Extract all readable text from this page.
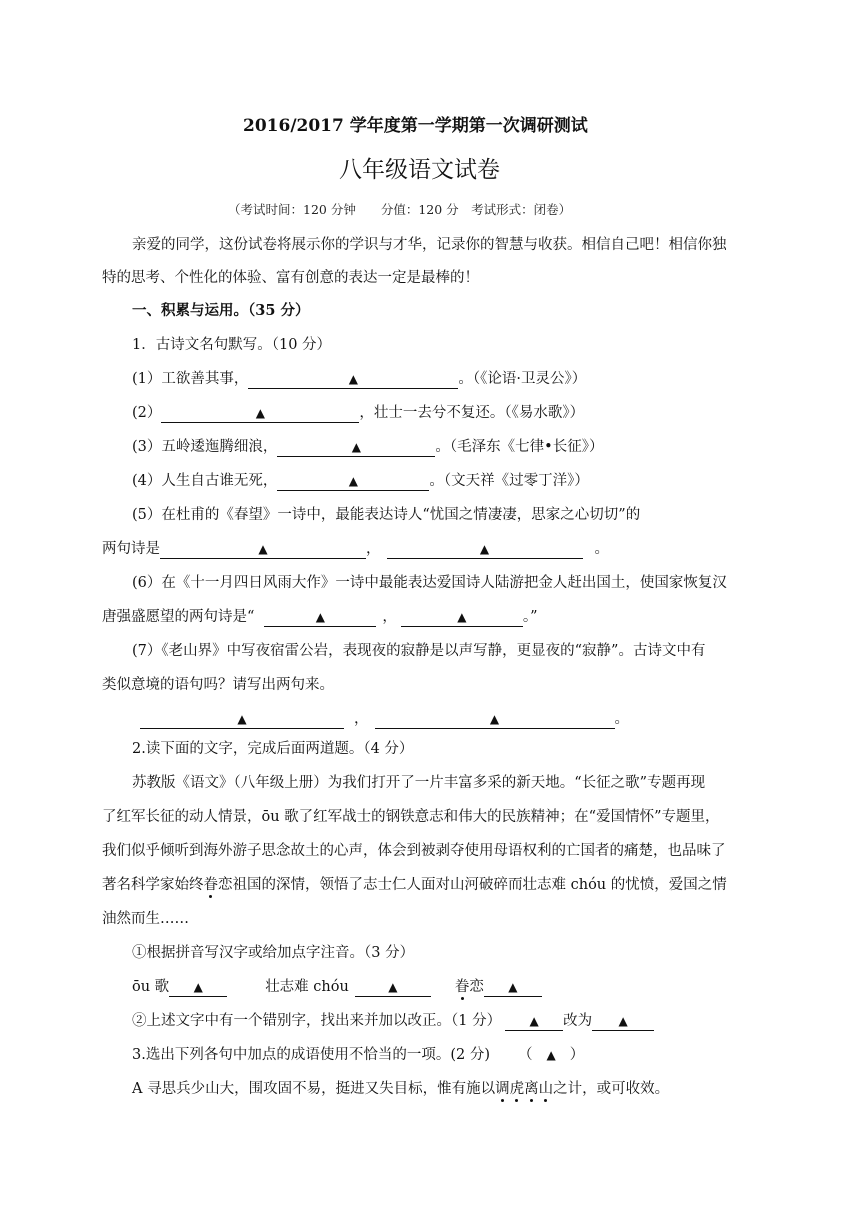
2016/2017 学年度第一学期第一次调研测试
八年级语文试卷
（考试时间：120 分钟　　分值：120 分　考试形式：闭卷）
亲爱的同学，这份试卷将展示你的学识与才华，记录你的智慧与收获。相信自己吧！相信你独
特的思考、个性化的体验、富有创意的表达一定是最棒的！
一、积累与运用。（35 分）
1．古诗文名句默写。（10 分）
(1）工欲善其事，	▲	。（《论语·卫灵公》）
(2）	▲	，壮士一去兮不复还。（《易水歌》）
(3）五岭逶迤腾细浪，	▲	。（毛泽东《七律•长征》）
(4）人生自古谁无死，	▲	。（文天祥《过零丁洋》）
(5）在杜甫的《春望》一诗中，最能表达诗人“忧国之情凄凄，思家之心切切”的
两句诗是	▲	，	▲	。
(6）在《十一月四日风雨大作》一诗中最能表达爱国诗人陆游把金人赶出国土，使国家恢复汉
唐强盛愿望的两句诗是“	▲	，	▲	。”
(7）《老山界》中写夜宿雷公岩，表现夜的寂静是以声写静，更显夜的“寂静”。古诗文中有
类似意境的语句吗？请写出两句来。
▲	，	▲	。
2.读下面的文字，完成后面两道题。（4 分）
苏教版《语文》（八年级上册）为我们打开了一片丰富多采的新天地。“长征之歌”专题再现
了红军长征的动人情景，ōu 歌了红军战士的钢铁意志和伟大的民族精神；在“爱国情怀”专题里，
我们似乎倾听到海外游子思念故土的心声，体会到被剥夺使用母语权利的亡国者的痛楚，也品味了
著名科学家始终眷恋祖国的深情，领悟了志士仁人面对山河破碎而壮志难 chóu 的忧愤，爱国之情
油然而生……
①根据拼音写汉字或给加点字注音。（3 分）
ōu 歌 ▲	壮志难 chóu	▲	眷恋 ▲
②上述文字中有一个错别字，找出来并加以改正。（1 分） ▲ 改为 ▲
3.选出下列各句中加点的成语使用不恰当的一项。(2 分) （ ▲ ）
A 寻思兵少山大，围攻固不易，挺进又失目标，惟有施以调虎离山之计，或可收效。
